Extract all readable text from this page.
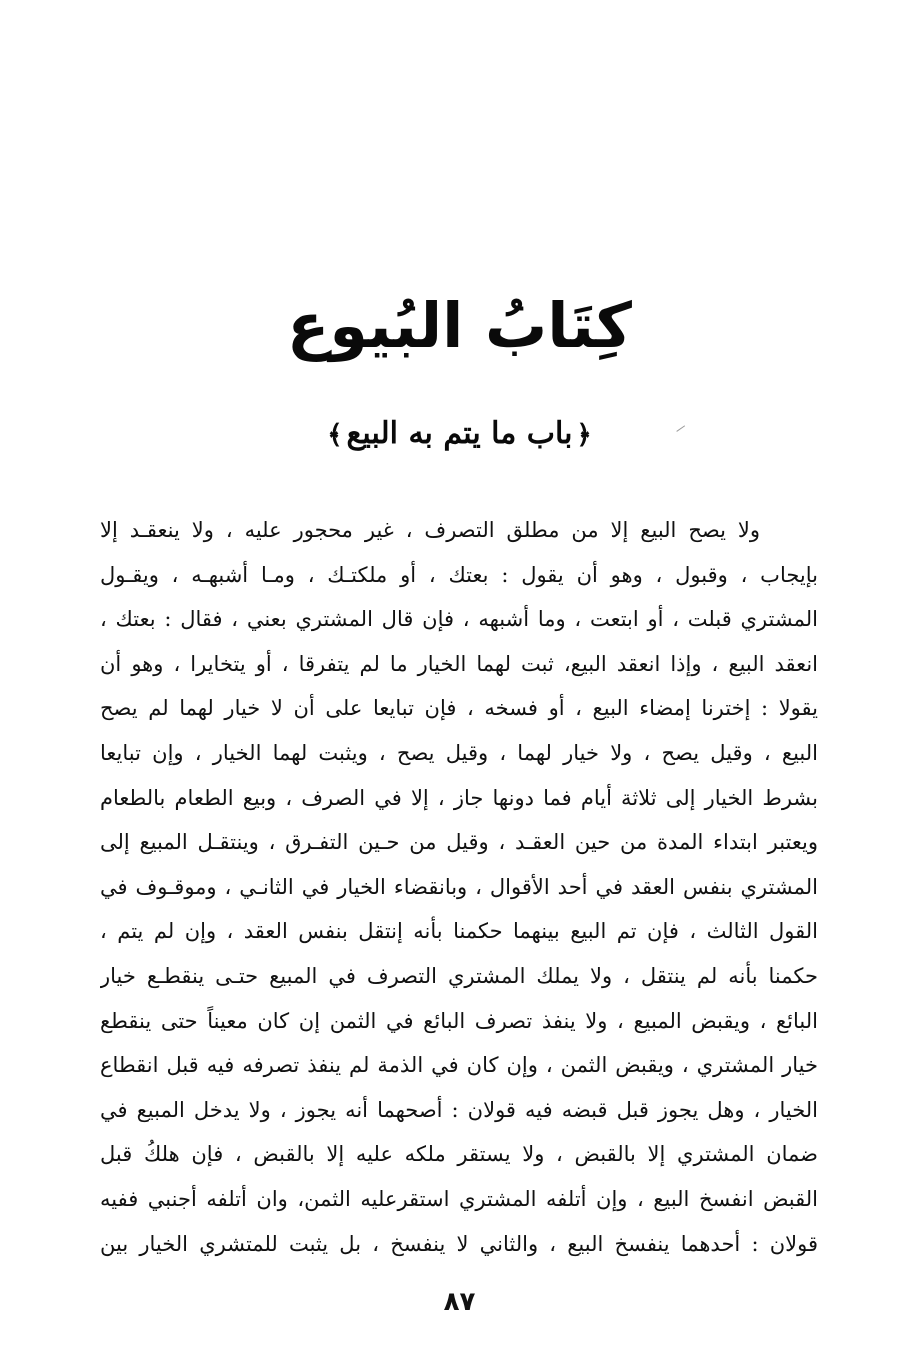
كِتَابُ البُيوع
﴿باب ما يتم به البيع﴾
ولا يصح البيع إلا من مطلق التصرف ، غير محجور عليه ، ولا ينعقـد إلا
بإيجاب ، وقبول ، وهو أن يقول : بعتك ، أو ملكتـك ، ومـا أشبهـه ، ويقـول
المشتري قبلت ، أو ابتعت ، وما أشبهه ، فإن قال المشتري بعني ، فقال : بعتك ،
انعقد البيع ، وإذا انعقد البيع، ثبت لهما الخيار ما لم يتفرقا ، أو يتخايرا ، وهو أن
يقولا : إخترنا إمضاء البيع ، أو فسخه ، فإن تبايعا على أن لا خيار لهما لم يصح
البيع ، وقيل يصح ، ولا خيار لهما ، وقيل يصح ، ويثبت لهما الخيار ، وإن تبايعا
بشرط الخيار إلى ثلاثة أيام فما دونها جاز ، إلا في الصرف ، وبيع الطعام بالطعام
ويعتبر ابتداء المدة من حين العقـد ، وقيل من حـين التفـرق ، وينتقـل المبيع إلى
المشتري بنفس العقد في أحد الأقوال ، وبانقضاء الخيار في الثانـي ، وموقـوف في
القول الثالث ، فإن تم البيع بينهما حكمنا بأنه إنتقل بنفس العقد ، وإن لم يتم ،
حكمنا بأنه لم ينتقل ، ولا يملك المشتري التصرف في المبيع حتـى ينقطـع خيار
البائع ، ويقبض المبيع ، ولا ينفذ تصرف البائع في الثمن إن كان معيناً حتى ينقطع
خيار المشتري ، ويقبض الثمن ، وإن كان في الذمة لم ينفذ تصرفه فيه قبل انقطاع
الخيار ، وهل يجوز قبل قبضه فيه قولان : أصحهما أنه يجوز ، ولا يدخل المبيع في
ضمان المشتري إلا بالقبض ، ولا يستقر ملكه عليه إلا بالقبض ، فإن هلكُ قبل
القبض انفسخ البيع ، وإن أتلفه المشتري استقرعليه الثمن، وان أتلفه أجنبي ففيه
قولان : أحدهما ينفسخ البيع ، والثاني لا ينفسخ ، بل يثبت للمتشري الخيار بين
٨٧
